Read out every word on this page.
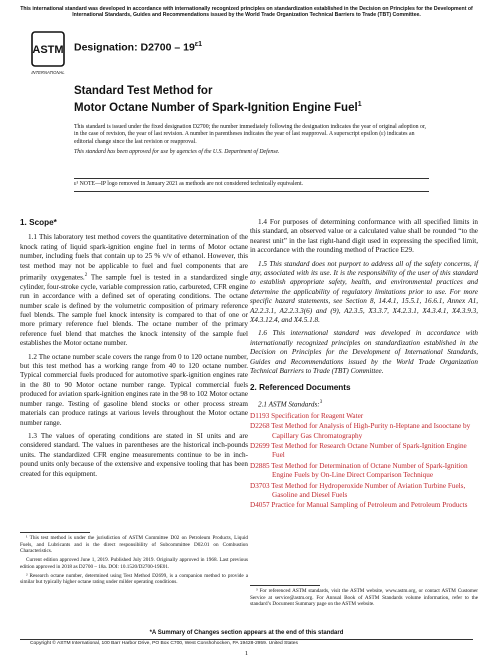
This international standard was developed in accordance with internationally recognized principles on standardization established in the Decision on Principles for the Development of International Standards, Guides and Recommendations issued by the World Trade Organization Technical Barriers to Trade (TBT) Committee.
ASTM
INTERNATIONAL
Designation: $D2700 - 19^{\varepsilon 1}$
Standard Test Method for
Motor Octane Number of Spark-Ignition Engine Fuel$^1$

This standard is issued under the fixed designation D2700; the number immediately following the designation indicates the year of original adoption or, in the case of revision, the year of last revision. A number in parentheses indicates the year of last reapproval. A superscript epsilon (ε) indicates an editorial change since the last revision or reapproval.

This standard has been approved for use by agencies of the U.S. Department of Defense.

ε¹ NOTE—IP logo removed in January 2021 as methods are not considered technically equivalent.

1. Scope*

1.1 This laboratory test method covers the quantitative determination of the knock rating of liquid spark-ignition engine fuel in terms of Motor octane number, including fuels that contain up to 25 % v/v of ethanol. However, this test method may not be applicable to fuel and fuel components that are primarily oxygenates.$^2$ The sample fuel is tested in a standardized single cylinder, four-stroke cycle, variable compression ratio, carbureted, CFR engine run in accordance with a defined set of operating conditions. The octane number scale is defined by the volumetric composition of primary reference fuel blends. The sample fuel knock intensity is compared to that of one or more primary reference fuel blends. The octane number of the primary reference fuel blend that matches the knock intensity of the sample fuel establishes the Motor octane number.

1.2 The octane number scale covers the range from 0 to 120 octane number, but this test method has a working range from 40 to 120 octane number. Typical commercial fuels produced for automotive spark-ignition engines rate in the 80 to 90 Motor octane number range. Typical commercial fuels produced for aviation spark-ignition engines rate in the 98 to 102 Motor octane number range. Testing of gasoline blend stocks or other process stream materials can produce ratings at various levels throughout the Motor octane number range.

1.3 The values of operating conditions are stated in SI units and are considered standard. The values in parentheses are the historical inch-pounds units. The standardized CFR engine measurements continue to be in inch-pound units only because of the extensive and expensive tooling that has been created for this equipment.

¹ This test method is under the jurisdiction of ASTM Committee D02 on Petroleum Products, Liquid Fuels, and Lubricants and is the direct responsibility of Subcommittee D02.01 on Combustion Characteristics.

Current edition approved June 1, 2019. Published July 2019. Originally approved in 1968. Last previous edition approved in 2018 as D2700 – 18a. DOI: 10.1520/D2700-19E01.

² Research octane number, determined using Test Method D2699, is a companion method to provide a similar but typically higher octane rating under milder operating conditions.

1.4 For purposes of determining conformance with all specified limits in this standard, an observed value or a calculated value shall be rounded “to the nearest unit” in the last right-hand digit used in expressing the specified limit, in accordance with the rounding method of Practice E29.

1.5 This standard does not purport to address all of the safety concerns, if any, associated with its use. It is the responsibility of the user of this standard to establish appropriate safety, health, and environmental practices and determine the applicability of regulatory limitations prior to use. For more specific hazard statements, see Section 8, 14.4.1, 15.5.1, 16.6.1, Annex A1, A2.2.3.1, A2.2.3.3(6) and (9), A2.3.5, X3.3.7, X4.2.3.1, X4.3.4.1, X4.3.9.3, X4.3.12.4, and X4.5.1.8.

1.6 This international standard was developed in accordance with internationally recognized principles on standardization established in the Decision on Principles for the Development of International Standards, Guides and Recommendations issued by the World Trade Organization Technical Barriers to Trade (TBT) Committee.

2. Referenced Documents
2.1 ASTM Standards:$^3$
D1193 Specification for Reagent Water
D2268 Test Method for Analysis of High-Purity n-Heptane and Isooctane by Capillary Gas Chromatography
D2699 Test Method for Research Octane Number of Spark-Ignition Engine Fuel
D2885 Test Method for Determination of Octane Number of Spark-Ignition Engine Fuels by On-Line Direct Comparison Technique
D3703 Test Method for Hydroperoxide Number of Aviation Turbine Fuels, Gasoline and Diesel Fuels
D4057 Practice for Manual Sampling of Petroleum and Petroleum Products

³ For referenced ASTM standards, visit the ASTM website, www.astm.org, or contact ASTM Customer Service at service@astm.org. For Annual Book of ASTM Standards volume information, refer to the standard’s Document Summary page on the ASTM website.

*A Summary of Changes section appears at the end of this standard
Copyright © ASTM International, 100 Barr Harbor Drive, PO Box C700, West Conshohocken, PA 19428-2959. United States
1
